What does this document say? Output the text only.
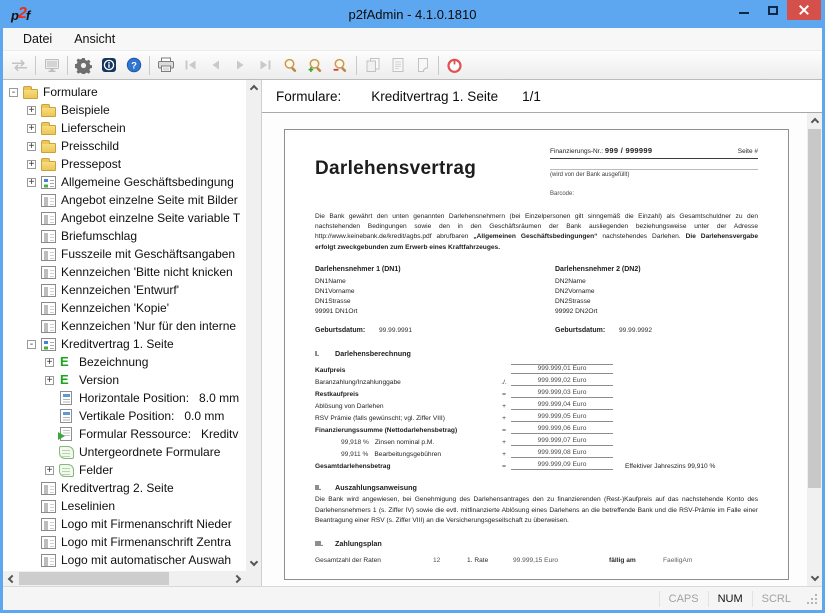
p2f	p2fAdmin - 4.1.0.1810
Datei	Ansicht
?
-
Formulare
+
Beispiele
+
Lieferschein
+
Preisschild
+
Pressepost
+
Allgemeine Geschäftsbedingung
Angebot einzelne Seite mit Bilder
Angebot einzelne Seite variable T
Briefumschlag
Fusszeile mit Geschäftsangaben
Kennzeichen 'Bitte nicht knicken
Kennzeichen 'Entwurf'
Kennzeichen 'Kopie'
Kennzeichen 'Nur für den interne
-
Kreditvertrag 1. Seite
+
E
Bezeichnung
+
E
Version
Horizontale Position:   8.0 mm
Vertikale Position:   0.0 mm
Formular Ressource:   Kreditv
Untergeordnete Formulare
+
Felder
Kreditvertrag 2. Seite
Leselinien
Logo mit Firmenanschrift Nieder
Logo mit Firmenanschrift Zentra
Logo mit automatischer Auswah
Formulare: Kreditvertrag 1. Seite 1/1
Darlehensvertrag
Finanzierungs-Nr.: 999 / 999999	Seite #
(wird von der Bank ausgefüllt)
Barcode:
Die Bank gewährt den unten genannten Darlehensnehmern (bei Einzelpersonen gilt sinngemäß die Einzahl) als Gesamtschuldner zu den nachstehenden Bedingungen sowie den in den Geschäftsräumen der Bank ausliegenden beziehungsweise unter der Adresse http://www.keinebank.de/kredit/agbs.pdf abrufbaren „Allgemeinen Geschäftsbedingungen“ nachstehendes Darlehen. Die Darlehensvergabe erfolgt zweckgebunden zum Erwerb eines Kraftfahrzeuges.
Darlehensnehmer 1 (DN1)
DN1Name
DN1Vorname
DN1Strasse
99991 DN1Ort
Geburtsdatum: 99.99.9991
Darlehensnehmer 2 (DN2)
DN2Name
DN2Vorname
DN2Strasse
99992 DN2Ort
Geburtsdatum: 99.99.9992
I.	Darlehensberechnung
Kaufpreis	999.999,01 Euro
Baranzahlung/Inzahlunggabe	./.	999.999,02 Euro
Restkaufpreis	=	999.999,03 Euro
Ablösung von Darlehen	+	999.999,04 Euro
RSV Prämie (falls gewünscht; vgl. Ziffer VIII)	+	999.999,05 Euro
Finanzierungssumme (Nettodarlehensbetrag)	=	999.999,06 Euro
99,918 % Zinsen nominal p.M.	+	999.999,07 Euro
99,911 % Bearbeitungsgebühren	+	999.999,08 Euro
Gesamtdarlehensbetrag	=	999.999,09 Euro	Effektiver Jahreszins 99,910 %
II.	Auszahlungsanweisung
Die Bank wird angewiesen, bei Genehmigung des Darlehensantrages den zu finanzierenden (Rest-)Kaufpreis auf das nachstehende Konto des Darlehensnehmers 1 (s. Ziffer IV) sowie die evtl. mitfinanzierte Ablösung eines Darlehens an die betreffende Bank und die RSV-Prämie im Falle einer Beantragung einer RSV (s. Ziffer VIII) an die Versicherungsgesellschaft zu überweisen.
III.	Zahlungsplan
Gesamtzahl der Raten	12	1. Rate	99.999,15 Euro	fällig am	FaelligAm
CAPS	NUM	SCRL
